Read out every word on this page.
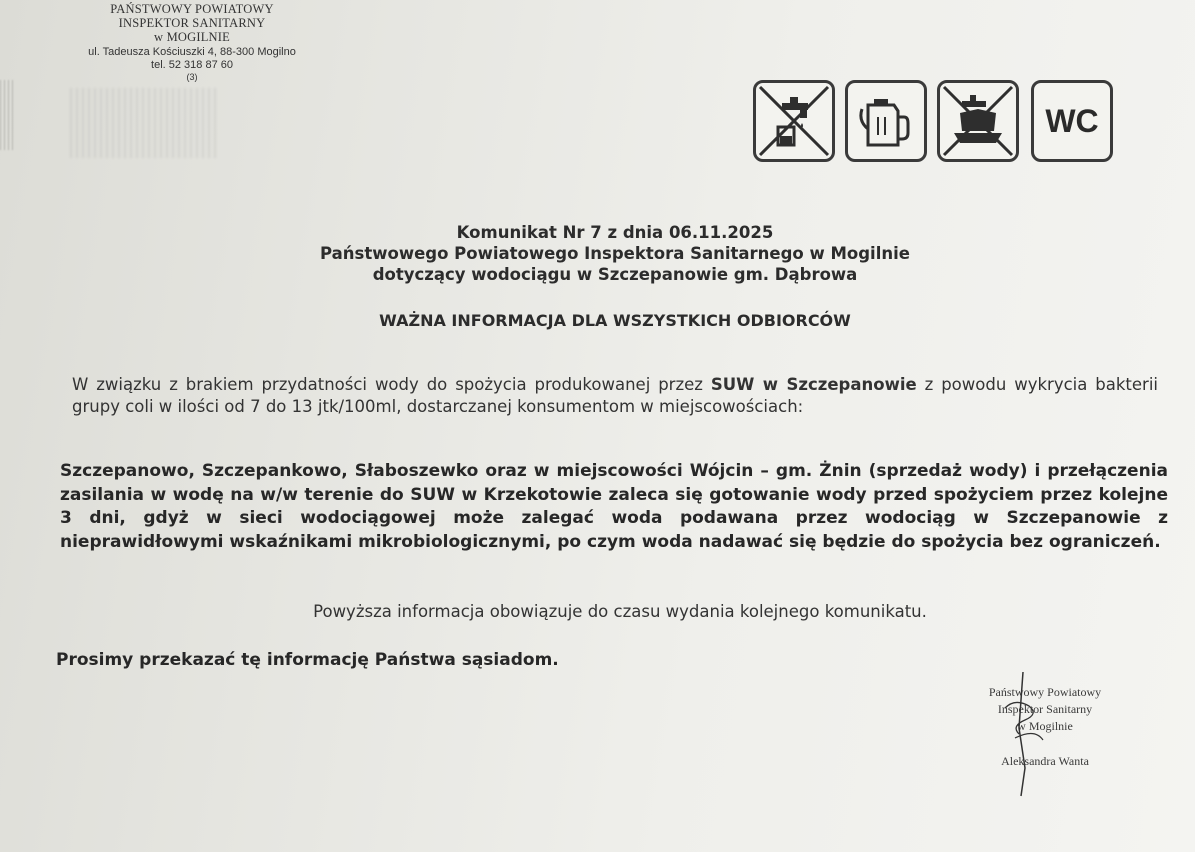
PAŃSTWOWY POWIATOWY
INSPEKTOR SANITARNY
w MOGILNIE
ul. Tadeusza Kościuszki 4, 88-300 Mogilno
tel. 52 318 87 60
(3)
WC
Komunikat Nr 7 z dnia 06.11.2025
Państwowego Powiatowego Inspektora Sanitarnego w Mogilnie
dotyczący wodociągu w Szczepanowie gm. Dąbrowa
WAŻNA INFORMACJA DLA WSZYSTKICH ODBIORCÓW
W związku z brakiem przydatności wody do spożycia produkowanej przez SUW w Szczepanowie z powodu wykrycia bakterii grupy coli w ilości od 7 do 13 jtk/100ml, dostarczanej konsumentom w miejscowościach:
Szczepanowo, Szczepankowo, Słaboszewko oraz w miejscowości Wójcin – gm. Żnin (sprzedaż wody) i przełączenia zasilania w wodę na w/w terenie do SUW w Krzekotowie zaleca się gotowanie wody przed spożyciem przez kolejne 3 dni, gdyż w sieci wodociągowej może zalegać woda podawana przez wodociąg w Szczepanowie z nieprawidłowymi wskaźnikami mikrobiologicznymi, po czym woda nadawać się będzie do spożycia bez ograniczeń.
Powyższa informacja obowiązuje do czasu wydania kolejnego komunikatu.
Prosimy przekazać tę informację Państwa sąsiadom.
Państwowy Powiatowy
Inspektor Sanitarny
w Mogilnie
Aleksandra Wanta
